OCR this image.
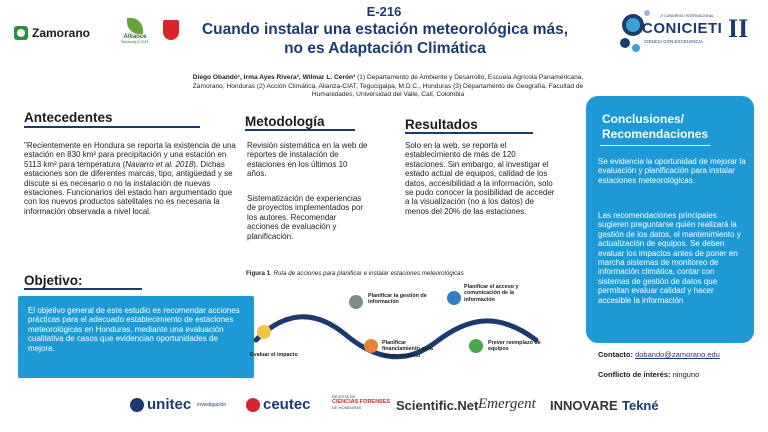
Zamorano	Alliance
Bioversity & CIAT
E-216
Cuando instalar una estación meteorológica más,
no es Adaptación Climática
Diego Obando¹, Irma Ayes Rivera², Wilmar L. Cerón³ (1) Departamento de Ambiente y Desarrollo, Escuela Agrícola Panamericana, Zamorano, Honduras (2) Acción Climática, Alianza-CIAT, Tegucigalpa, M.D.C., Honduras (3) Departamento de Geografía, Facultad de Humanidades, Universidad del Valle, Cali, Colombia
2º CONGRESO INTERNACIONAL
CONICIETI
CIENCIA CON EXCELENCIA II
Antecedentes
"Recientemente en Hondura se reporta la existencia de una estación en 830 km² para precipitación y una estación en 5113 km² para temperatura (Navarro et al. 2018). Dichas estaciones son de diferentes marcas, tipo, antigüedad y se discute si es necesario o no la instalación de nuevas estaciones. Funcionarios del estado han argumentado que con los nuevos productos satelitales no es necesaria la información observada a nivel local.
Objetivo:
El objetivo general de este estudio es recomendar acciones prácticas para el adecuado establecimiento de estaciones meteorológicas en Honduras, mediante una evaluación cualitativa de casos que evidencian oportunidades de mejora.
Metodología
Revisión sistemática en la web de reportes de instalación de estaciones en los últimos 10 años.
Sistematización de experiencias de proyectos implementados por los autores. Recomendar acciones de evaluación y planificación.
Resultados
Solo en la web, se reporta el establecimiento de más de 120 estaciones. Sin embargo, al investigar el estado actual de equipos, calidad de los datos, accesibilidad a la información, solo se pudo conocer la posibilidad de acceder a la visualización (no a los datos) de menos del 20% de las estaciones.
Figura 1. Ruta de acciones para planificar e instalar estaciones meteorológicas
Evaluar el impacto
Planificar financiamiento para mantenimiento
Planificar la gestión de información
Prever reemplazo de equipos
Planificar el acceso y comunicación de la información
Conclusiones/ Recomendaciones
Se evidencia la oportunidad de mejorar la evaluación y planificación para instalar estaciones meteorológicas.
Las recomendaciones principales sugieren preguntarse quién realizará la gestión de los datos, el mantenimiento y actualización de equipos. Se deben evaluar los impactos antes de poner en marcha sistemas de monitoreo de información climática, contar con sistemas de gestión de datos que permitan evaluar calidad y hacer accesible la información
Contacto: dobando@zamorano.edu
Conflicto de interés: ninguno
unitec investigación ceutec	REVISTA DE
CIENCIAS FORENSES
DE HONDURAS	Scientific.Net Emergent INNOVARE Tekné
